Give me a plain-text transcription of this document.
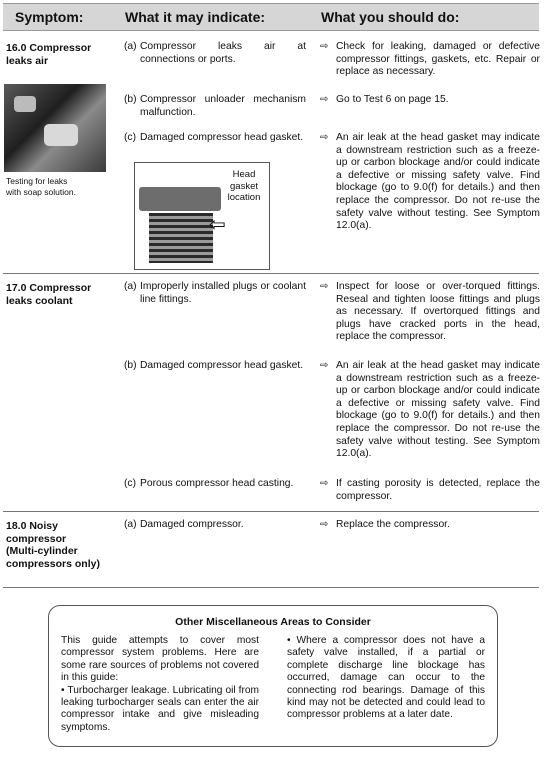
Symptom:	What it may indicate:	What you should do:
16.0 Compressor
leaks air
Testing for leaks
with soap solution.
(a) Compressor leaks air at connections or ports.
⇨ Check for leaking, damaged or defective compressor fittings, gaskets, etc. Repair or replace as necessary.
(b) Compressor unloader mechanism malfunction.
⇨ Go to Test 6 on page 15.
(c) Damaged compressor head gasket. ⇨ An air leak at the head gasket may indicate a downstream restriction such as a freeze-up or carbon blockage and/or could indicate a defective or missing safety valve. Find blockage (go to 9.0(f) for details.) and then replace the compressor. Do not re-use the safety valve without testing. See Symptom 12.0(a).
Head
gasket
location
⇦
17.0 Compressor
leaks coolant
(a) Improperly installed plugs or coolant line fittings.
⇨ Inspect for loose or over-torqued fittings. Reseal and tighten loose fittings and plugs as necessary. If overtorqued fittings and plugs have cracked ports in the head, replace the compressor.
(b) Damaged compressor head gasket. ⇨ An air leak at the head gasket may indicate a downstream restriction such as a freeze-up or carbon blockage and/or could indicate a defective or missing safety valve. Find blockage (go to 9.0(f) for details.) and then replace the compressor. Do not re-use the safety valve without testing. See Symptom 12.0(a).
(c) Porous compressor head casting.	⇨ If casting porosity is detected, replace the compressor.
18.0 Noisy
compressor
(Multi-cylinder
compressors only)
(a) Damaged compressor.	⇨ Replace the compressor.
Other Miscellaneous Areas to Consider
This guide attempts to cover most compressor system problems. Here are some rare sources of problems not covered in this guide:
• Turbocharger leakage. Lubricating oil from leaking turbocharger seals can enter the air compressor intake and give misleading symptoms.
• Where a compressor does not have a safety valve installed, if a partial or complete discharge line blockage has occurred, damage can occur to the connecting rod bearings. Damage of this kind may not be detected and could lead to compressor problems at a later date.
